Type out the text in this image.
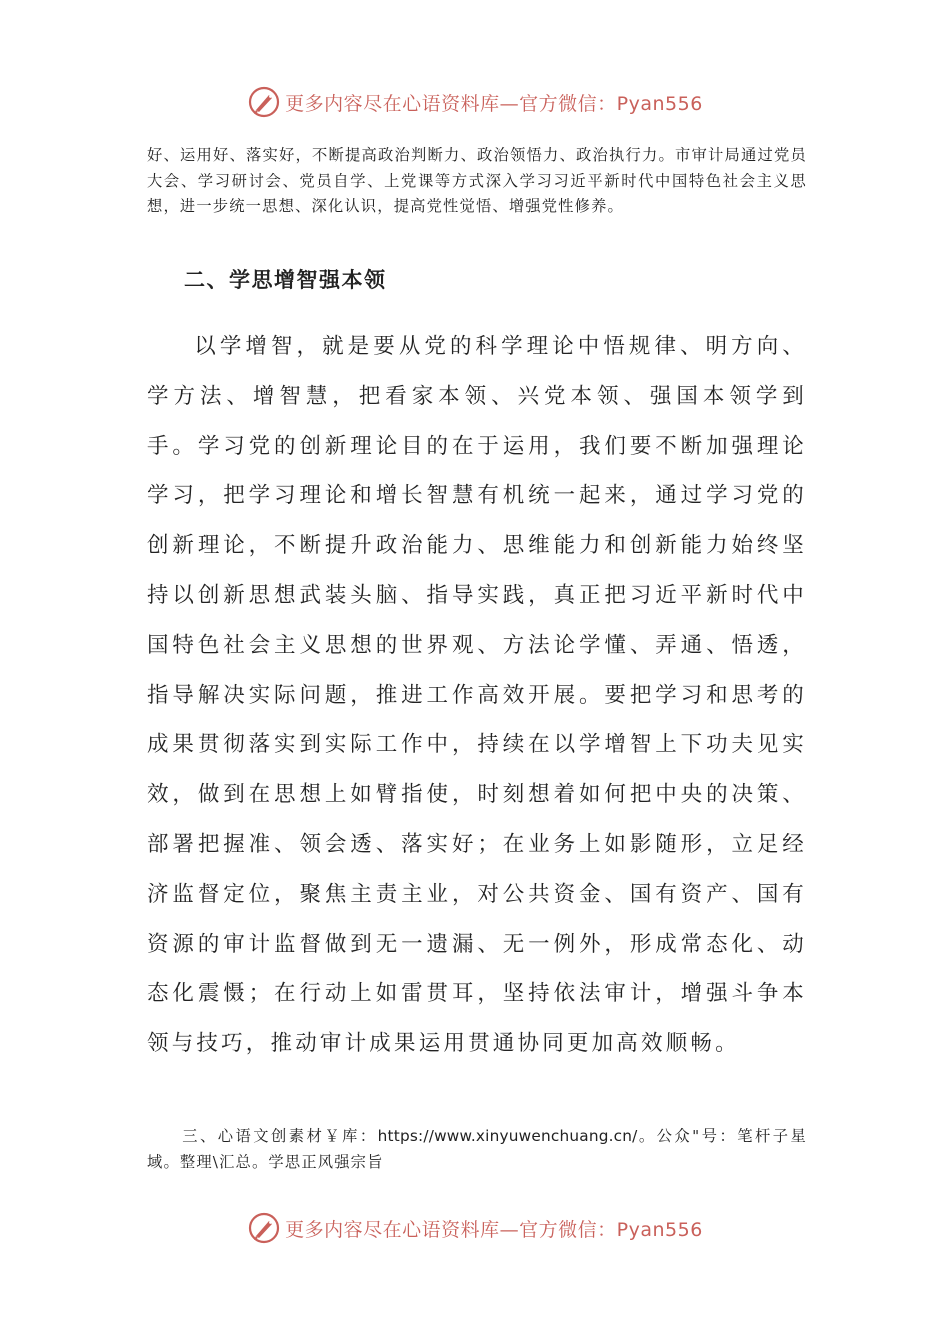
更多内容尽在心语资料库—官方微信：Pyan556

好、运用好、落实好，不断提高政治判断力、政治领悟力、政治执行力。市审计局通过党员大会、学习研讨会、党员自学、上党课等方式深入学习习近平新时代中国特色社会主义思想，进一步统一思想、深化认识，提高党性觉悟、增强党性修养。

二、学思增智强本领

以学增智，就是要从党的科学理论中悟规律、明方向、学方法、增智慧，把看家本领、兴党本领、强国本领学到手。学习党的创新理论目的在于运用，我们要不断加强理论学习，把学习理论和增长智慧有机统一起来，通过学习党的创新理论，不断提升政治能力、思维能力和创新能力始终坚持以创新思想武装头脑、指导实践，真正把习近平新时代中国特色社会主义思想的世界观、方法论学懂、弄通、悟透，指导解决实际问题，推进工作高效开展。要把学习和思考的成果贯彻落实到实际工作中，持续在以学增智上下功夫见实效，做到在思想上如臂指使，时刻想着如何把中央的决策、部署把握准、领会透、落实好；在业务上如影随形，立足经济监督定位，聚焦主责主业，对公共资金、国有资产、国有资源的审计监督做到无一遗漏、无一例外，形成常态化、动态化震慑；在行动上如雷贯耳，坚持依法审计，增强斗争本领与技巧，推动审计成果运用贯通协同更加高效顺畅。

三、心语文创素材￥库：https://www.xinyuwenchuang.cn/。公众"号：笔杆子星域。整理\汇总。学思正风强宗旨

更多内容尽在心语资料库—官方微信：Pyan556
